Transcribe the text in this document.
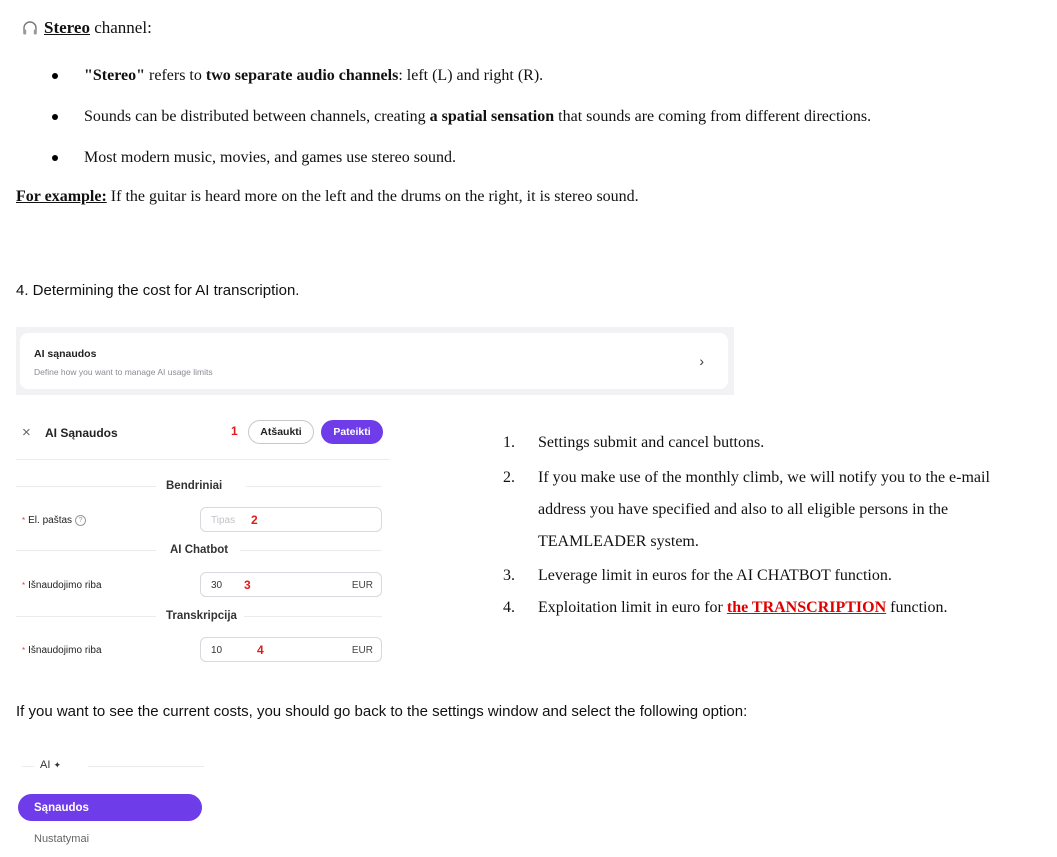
Stereo channel:
"Stereo" refers to two separate audio channels: left (L) and right (R).
Sounds can be distributed between channels, creating a spatial sensation that sounds are coming from different directions.
Most modern music, movies, and games use stereo sound.
For example: If the guitar is heard more on the left and the drums on the right, it is stereo sound.
4. Determining the cost for AI transcription.
AI sąnaudos
Define how you want to manage AI usage limits
›
× AI Sąnaudos	1	Atšaukti	Pateikti
Bendriniai
* El. paštas ?	Tipas 2
AI Chatbot
* Išnaudojimo riba	30 3	EUR
Transkripcija
* Išnaudojimo riba	10	4	EUR
1. Settings submit and cancel buttons.
2. If you make use of the monthly climb, we will notify you to the e-mail address you have specified and also to all eligible persons in the TEAMLEADER system.
3. Leverage limit in euros for the AI CHATBOT function.
4. Exploitation limit in euro for the TRANSCRIPTION function.
If you want to see the current costs, you should go back to the settings window and select the following option:
AI ✦
Sąnaudos
Nustatymai
